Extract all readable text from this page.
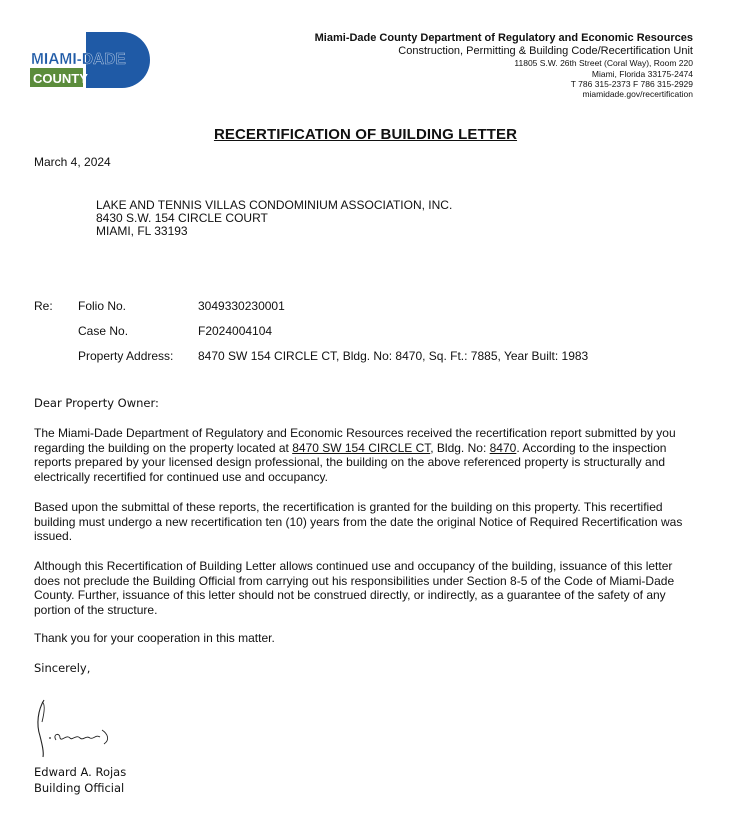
MIAMI-DADE
COUNTY
Miami-Dade County Department of Regulatory and Economic Resources
Construction, Permitting & Building Code/Recertification Unit
11805 S.W. 26th Street (Coral Way), Room 220
Miami, Florida 33175-2474
T 786 315-2373 F 786 315-2929
miamidade.gov/recertification
RECERTIFICATION OF BUILDING LETTER
March 4, 2024
LAKE AND TENNIS VILLAS CONDOMINIUM ASSOCIATION, INC.
8430 S.W. 154 CIRCLE COURT
MIAMI, FL 33193
Re: Folio No.	3049330230001
Case No.	F2024004104
Property Address: 8470 SW 154 CIRCLE CT, Bldg. No: 8470, Sq. Ft.: 7885, Year Built: 1983
Dear Property Owner:
The Miami-Dade Department of Regulatory and Economic Resources received the recertification report submitted by you regarding the building on the property located at 8470 SW 154 CIRCLE CT, Bldg. No: 8470. According to the inspection reports prepared by your licensed design professional, the building on the above referenced property is structurally and electrically recertified for continued use and occupancy.
Based upon the submittal of these reports, the recertification is granted for the building on this property. This recertified building must undergo a new recertification ten (10) years from the date the original Notice of Required Recertification was issued.
Although this Recertification of Building Letter allows continued use and occupancy of the building, issuance of this letter does not preclude the Building Official from carrying out his responsibilities under Section 8-5 of the Code of Miami-Dade County. Further, issuance of this letter should not be construed directly, or indirectly, as a guarantee of the safety of any portion of the structure.
Thank you for your cooperation in this matter.
Sincerely,
Edward A. Rojas
Building Official
